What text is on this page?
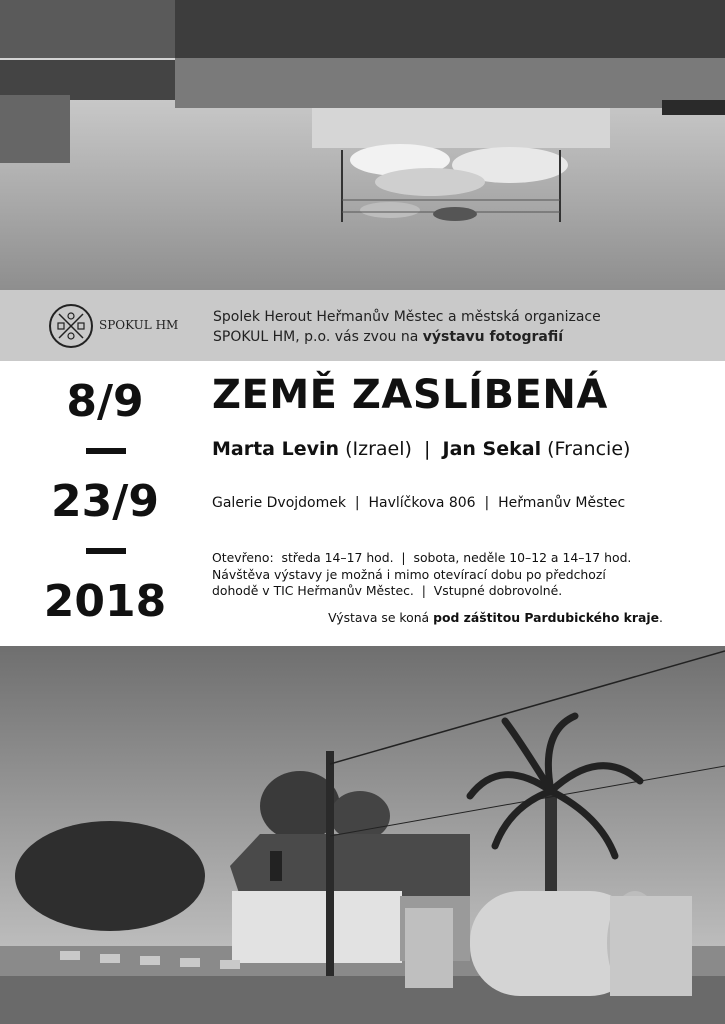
SPOKUL HM Spolek Herout Heřmanův Městec a městská organizace
SPOKUL HM, p.o. vás zvou na výstavu fotografií
8/9
23/9
2018
ZEMĚ ZASLÍBENÁ
Marta Levin (Izrael) | Jan Sekal (Francie)
Galerie Dvojdomek  |  Havlíčkova 806  |  Heřmanův Městec
Otevřeno:  středa 14–17 hod.  |  sobota, neděle 10–12 a 14–17 hod.
Návštěva výstavy je možná i mimo otevírací dobu po předchozí
dohodě v TIC Heřmanův Městec.  |  Vstupné dobrovolné.
Výstava se koná pod záštitou Pardubického kraje.
